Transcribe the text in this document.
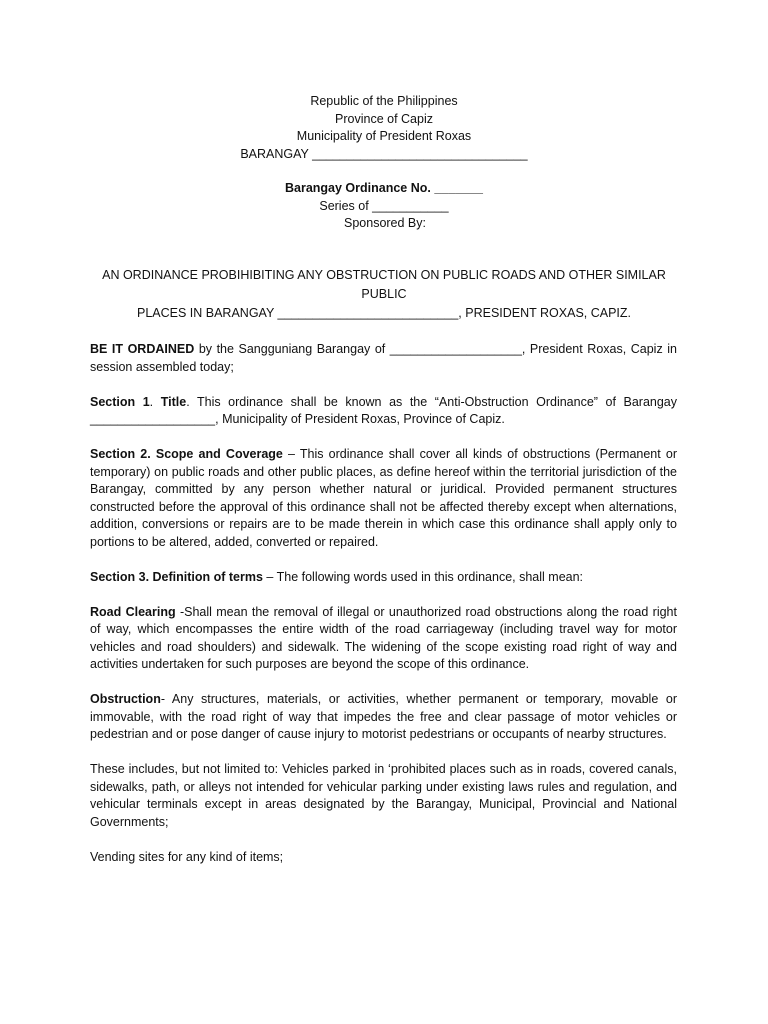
Republic of the Philippines
Province of Capiz
Municipality of President Roxas
BARANGAY _______________________________
Barangay Ordinance No. _______
Series of ___________
Sponsored By:
AN ORDINANCE PROBIHIBITING ANY OBSTRUCTION ON PUBLIC ROADS AND OTHER SIMILAR PUBLIC
PLACES IN BARANGAY __________________________, PRESIDENT ROXAS, CAPIZ.

BE IT ORDAINED by the Sangguniang Barangay of ___________________, President Roxas, Capiz in session assembled today;

Section 1. Title. This ordinance shall be known as the “Anti-Obstruction Ordinance” of Barangay __________________, Municipality of President Roxas, Province of Capiz.

Section 2. Scope and Coverage – This ordinance shall cover all kinds of obstructions (Permanent or temporary) on public roads and other public places, as define hereof within the territorial jurisdiction of the Barangay, committed by any person whether natural or juridical. Provided permanent structures constructed before the approval of this ordinance shall not be affected thereby except when alternations, addition, conversions or repairs are to be made therein in which case this ordinance shall apply only to portions to be altered, added, converted or repaired.

Section 3. Definition of terms – The following words used in this ordinance, shall mean:

Road Clearing -Shall mean the removal of illegal or unauthorized road obstructions along the road right of way, which encompasses the entire width of the road carriageway (including travel way for motor vehicles and road shoulders) and sidewalk. The widening of the scope existing road right of way and activities undertaken for such purposes are beyond the scope of this ordinance.

Obstruction- Any structures, materials, or activities, whether permanent or temporary, movable or immovable, with the road right of way that impedes the free and clear passage of motor vehicles or pedestrian and or pose danger of cause injury to motorist pedestrians or occupants of nearby structures.

These includes, but not limited to: Vehicles parked in ‘prohibited places such as in roads, covered canals, sidewalks, path, or alleys not intended for vehicular parking under existing laws rules and regulation, and vehicular terminals except in areas designated by the Barangay, Municipal, Provincial and National Governments;

Vending sites for any kind of items;
